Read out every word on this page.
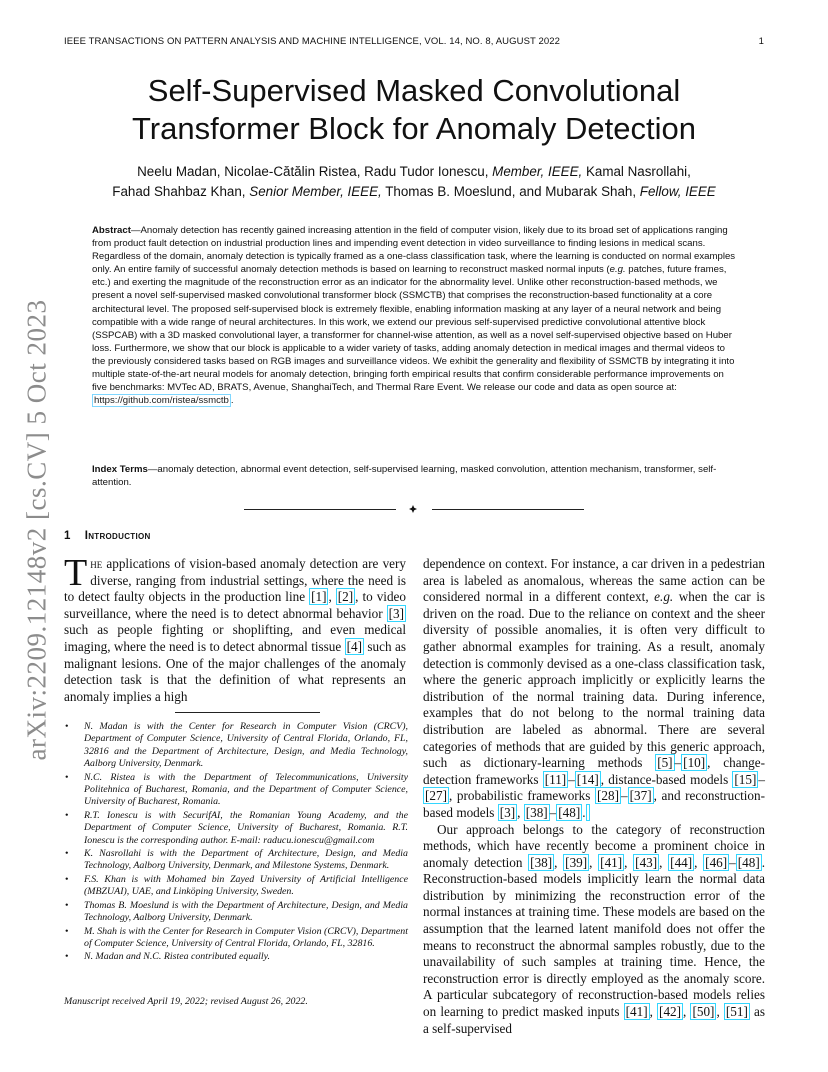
IEEE TRANSACTIONS ON PATTERN ANALYSIS AND MACHINE INTELLIGENCE, VOL. 14, NO. 8, AUGUST 2022	1
arXiv:2209.12148v2 [cs.CV] 5 Oct 2023
Self-Supervised Masked Convolutional
Transformer Block for Anomaly Detection
Neelu Madan, Nicolae-Cătălin Ristea, Radu Tudor Ionescu, Member, IEEE, Kamal Nasrollahi,
Fahad Shahbaz Khan, Senior Member, IEEE, Thomas B. Moeslund, and Mubarak Shah, Fellow, IEEE

Abstract—Anomaly detection has recently gained increasing attention in the field of computer vision, likely due to its broad set of applications ranging from product fault detection on industrial production lines and impending event detection in video surveillance to finding lesions in medical scans. Regardless of the domain, anomaly detection is typically framed as a one-class classification task, where the learning is conducted on normal examples only. An entire family of successful anomaly detection methods is based on learning to reconstruct masked normal inputs (e.g. patches, future frames, etc.) and exerting the magnitude of the reconstruction error as an indicator for the abnormality level. Unlike other reconstruction-based methods, we present a novel self-supervised masked convolutional transformer block (SSMCTB) that comprises the reconstruction-based functionality at a core architectural level. The proposed self-supervised block is extremely flexible, enabling information masking at any layer of a neural network and being compatible with a wide range of neural architectures. In this work, we extend our previous self-supervised predictive convolutional attentive block (SSPCAB) with a 3D masked convolutional layer, a transformer for channel-wise attention, as well as a novel self-supervised objective based on Huber loss. Furthermore, we show that our block is applicable to a wider variety of tasks, adding anomaly detection in medical images and thermal videos to the previously considered tasks based on RGB images and surveillance videos. We exhibit the generality and flexibility of SSMCTB by integrating it into multiple state-of-the-art neural models for anomaly detection, bringing forth empirical results that confirm considerable performance improvements on five benchmarks: MVTec AD, BRATS, Avenue, ShanghaiTech, and Thermal Rare Event. We release our code and data as open source at: https://github.com/ristea/ssmctb .

Index Terms—anomaly detection, abnormal event detection, self-supervised learning, masked convolution, attention mechanism, transformer, self-attention.

1 Introduction

The applications of vision-based anomaly detection are very diverse, ranging from industrial settings, where the need is to detect faulty objects in the production line [1] , [2] , to video surveillance, where the need is to detect abnormal behavior [3] such as people fighting or shoplifting, and even medical imaging, where the need is to detect abnormal tissue [4] such as malignant lesions. One of the major challenges of the anomaly detection task is that the definition of what represents an anomaly implies a high

• N. Madan is with the Center for Research in Computer Vision (CRCV), Department of Computer Science, University of Central Florida, Orlando, FL, 32816 and the Department of Architecture, Design, and Media Technology, Aalborg University, Denmark.
• N.C. Ristea is with the Department of Telecommunications, University Politehnica of Bucharest, Romania, and the Department of Computer Science, University of Bucharest, Romania.
• R.T. Ionescu is with SecurifAI, the Romanian Young Academy, and the Department of Computer Science, University of Bucharest, Romania. R.T. Ionescu is the corresponding author. E-mail: raducu.ionescu@gmail.com
• K. Nasrollahi is with the Department of Architecture, Design, and Media Technology, Aalborg University, Denmark, and Milestone Systems, Denmark.
• F.S. Khan is with Mohamed bin Zayed University of Artificial Intelligence (MBZUAI), UAE, and Linköping University, Sweden.
• Thomas B. Moeslund is with the Department of Architecture, Design, and Media Technology, Aalborg University, Denmark.
• M. Shah is with the Center for Research in Computer Vision (CRCV), Department of Computer Science, University of Central Florida, Orlando, FL, 32816.
• N. Madan and N.C. Ristea contributed equally.
Manuscript received April 19, 2022; revised August 26, 2022.

dependence on context. For instance, a car driven in a pedestrian area is labeled as anomalous, whereas the same action can be considered normal in a different context, e.g. when the car is driven on the road. Due to the reliance on context and the sheer diversity of possible anomalies, it is often very difficult to gather abnormal examples for training. As a result, anomaly detection is commonly devised as a one-class classification task, where the generic approach implicitly or explicitly learns the distribution of the normal training data. During inference, examples that do not belong to the normal training data distribution are labeled as abnormal. There are several categories of methods that are guided by this generic approach, such as dictionary-learning methods [5] – [10] , change-detection frameworks [11] – [14] , distance-based models [15] –[27] , probabilistic frameworks [28] – [37] , and reconstruction-based models [3] , [38] – [48] .

Our approach belongs to the category of reconstruction methods, which have recently become a prominent choice in anomaly detection [38] , [39] , [41] , [43] , [44] , [46] – [48] . Reconstruction-based models implicitly learn the normal data distribution by minimizing the reconstruction error of the normal instances at training time. These models are based on the assumption that the learned latent manifold does not offer the means to reconstruct the abnormal samples robustly, due to the unavailability of such samples at training time. Hence, the reconstruction error is directly employed as the anomaly score. A particular subcategory of reconstruction-based models relies on learning to predict masked inputs [41] , [42] , [50] , [51] as a self-supervised
